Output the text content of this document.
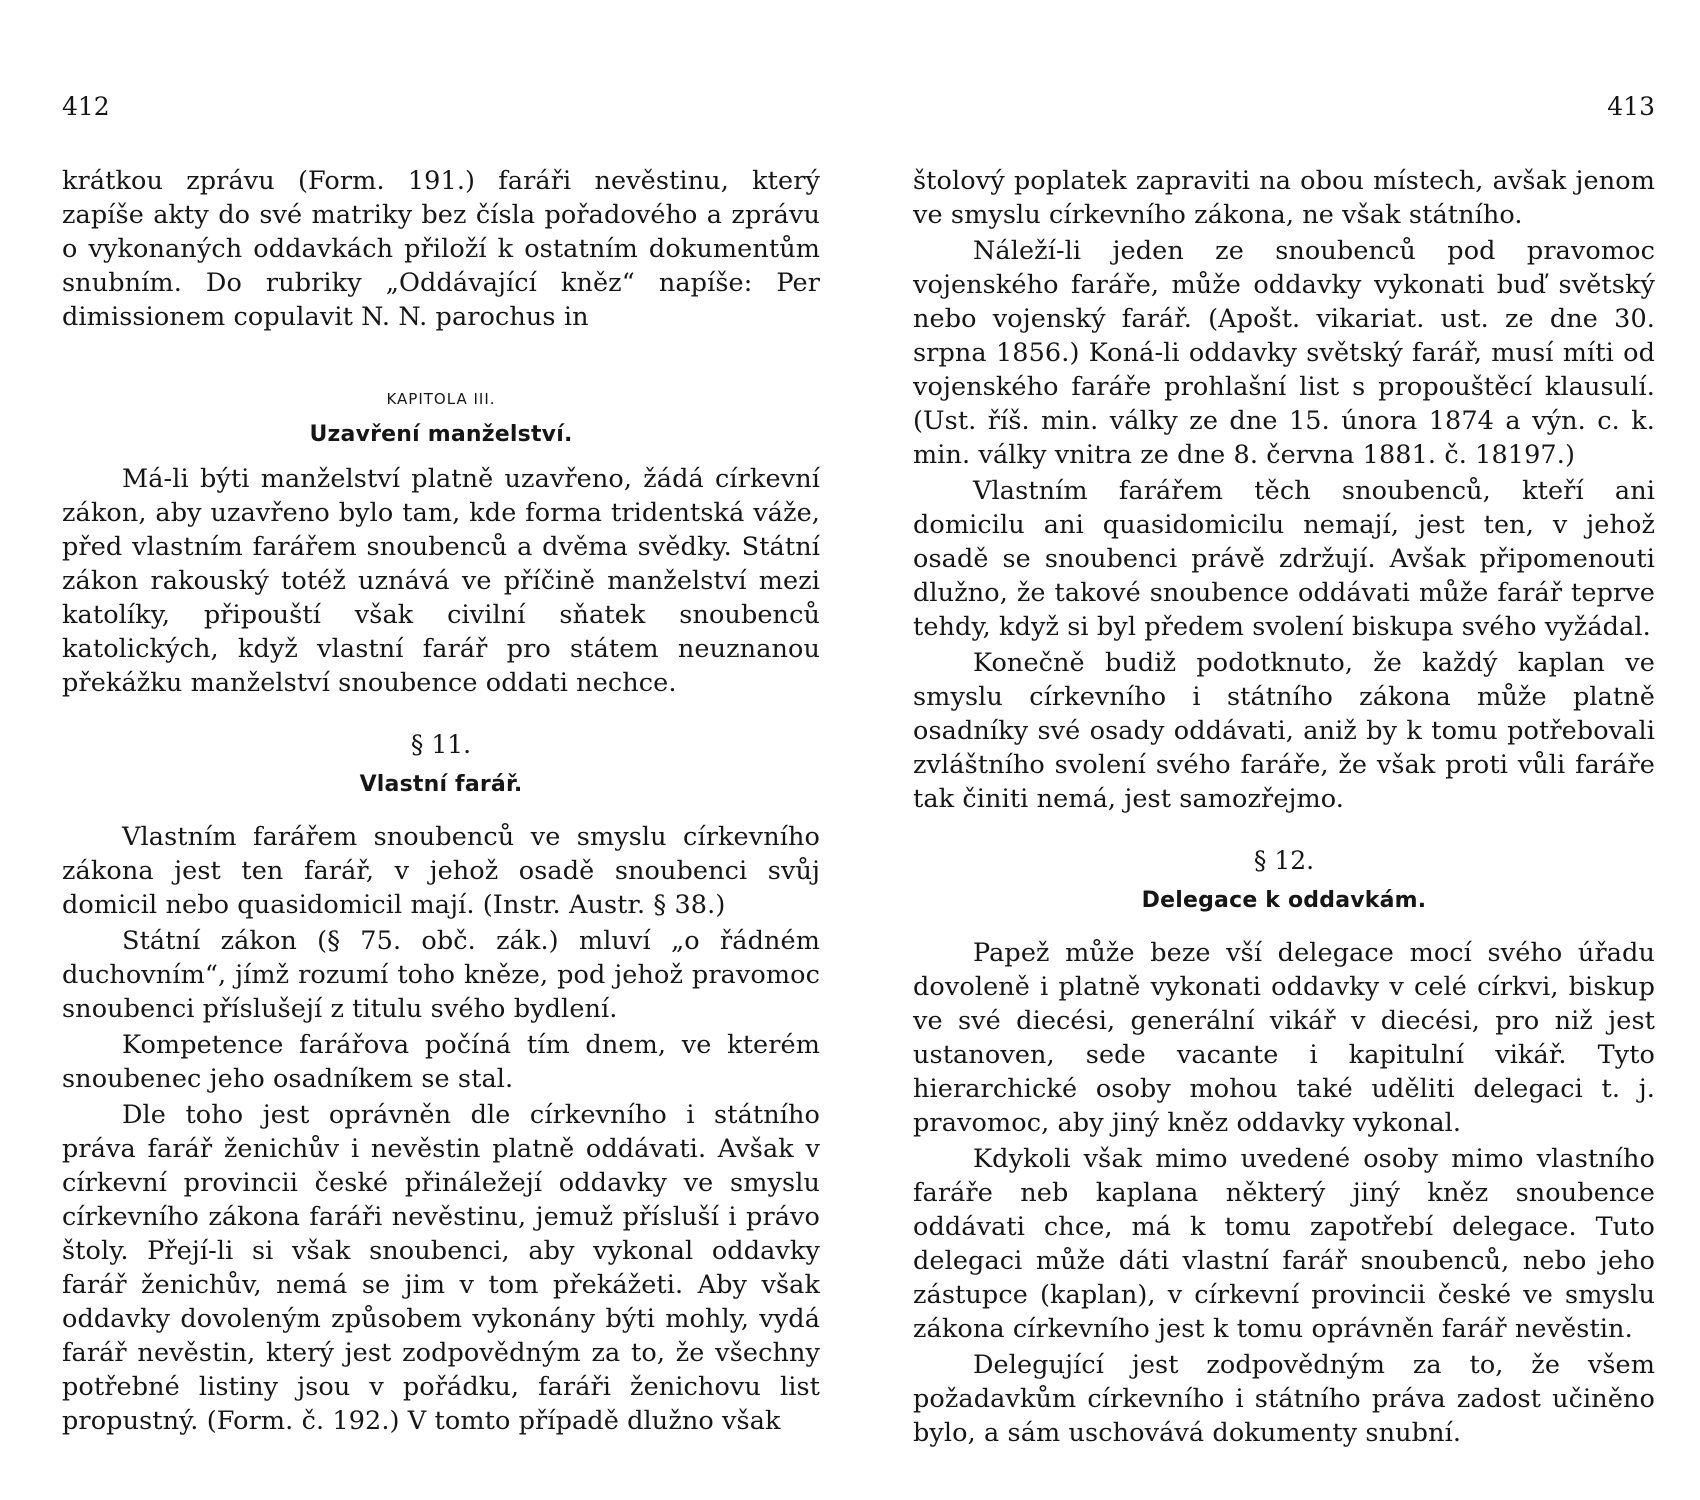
412

krátkou zprávu (Form. 191.) faráři nevěstinu, který zapíše akty do své matriky bez čísla pořadového a zprávu o vykonaných oddavkách přiloží k ostatním dokumentům snubním. Do rubriky „Oddávající kněz“ napíše: Per dimissionem copulavit N. N. parochus in

KAPITOLA III.
Uzavření manželství.

Má-li býti manželství platně uzavřeno, žádá církevní zákon, aby uzavřeno bylo tam, kde forma tridentská váže, před vlastním farářem snoubenců a dvěma svědky. Státní zákon rakouský totéž uznává ve příčině manželství mezi katolíky, připouští však civilní sňatek snoubenců katolických, když vlastní farář pro státem neuznanou překážku manželství snoubence oddati nechce.

§ 11.
Vlastní farář.

Vlastním farářem snoubenců ve smyslu církevního zákona jest ten farář, v jehož osadě snoubenci svůj domicil nebo quasidomicil mají. (Instr. Austr. § 38.)

Státní zákon (§ 75. obč. zák.) mluví „o řádném duchovním“, jímž rozumí toho kněze, pod jehož pravomoc snoubenci příslušejí z titulu svého bydlení.

Kompetence farářova počíná tím dnem, ve kterém snoubenec jeho osadníkem se stal.

Dle toho jest oprávněn dle církevního i státního práva farář ženichův i nevěstin platně oddávati. Avšak v církevní provincii české přináležejí oddavky ve smyslu církevního zákona faráři nevěstinu, jemuž přísluší i právo štoly. Přejí-li si však snoubenci, aby vykonal oddavky farář ženichův, nemá se jim v tom překážeti. Aby však oddavky dovoleným způsobem vykonány býti mohly, vydá farář nevěstin, který jest zodpovědným za to, že všechny potřebné listiny jsou v pořádku, faráři ženichovu list propustný. (Form. č. 192.) V tomto případě dlužno však

413

štolový poplatek zapraviti na obou místech, avšak jenom ve smyslu církevního zákona, ne však státního.

Náleží-li jeden ze snoubenců pod pravomoc vojenského faráře, může oddavky vykonati buď světský nebo vojenský farář. (Apošt. vikariat. ust. ze dne 30. srpna 1856.) Koná-li oddavky světský farář, musí míti od vojenského faráře prohlašní list s propouštěcí klausulí. (Ust. říš. min. války ze dne 15. února 1874 a výn. c. k. min. války vnitra ze dne 8. června 1881. č. 18197.)

Vlastním farářem těch snoubenců, kteří ani domicilu ani quasidomicilu nemají, jest ten, v jehož osadě se snoubenci právě zdržují. Avšak připomenouti dlužno, že takové snoubence oddávati může farář teprve tehdy, když si byl předem svolení biskupa svého vyžádal.

Konečně budiž podotknuto, že každý kaplan ve smyslu církevního i státního zákona může platně osadníky své osady oddávati, aniž by k tomu potřebovali zvláštního svolení svého faráře, že však proti vůli faráře tak činiti nemá, jest samozřejmo.

§ 12.
Delegace k oddavkám.

Papež může beze vší delegace mocí svého úřadu dovoleně i platně vykonati oddavky v celé církvi, biskup ve své diecési, generální vikář v diecési, pro niž jest ustanoven, sede vacante i kapitulní vikář. Tyto hierarchické osoby mohou také uděliti delegaci t. j. pravomoc, aby jiný kněz oddavky vykonal.

Kdykoli však mimo uvedené osoby mimo vlastního faráře neb kaplana některý jiný kněz snoubence oddávati chce, má k tomu zapotřebí delegace. Tuto delegaci může dáti vlastní farář snoubenců, nebo jeho zástupce (kaplan), v církevní provincii české ve smyslu zákona církevního jest k tomu oprávněn farář nevěstin.

Delegující jest zodpovědným za to, že všem požadavkům církevního i státního práva zadost učiněno bylo, a sám uschovává dokumenty snubní.
